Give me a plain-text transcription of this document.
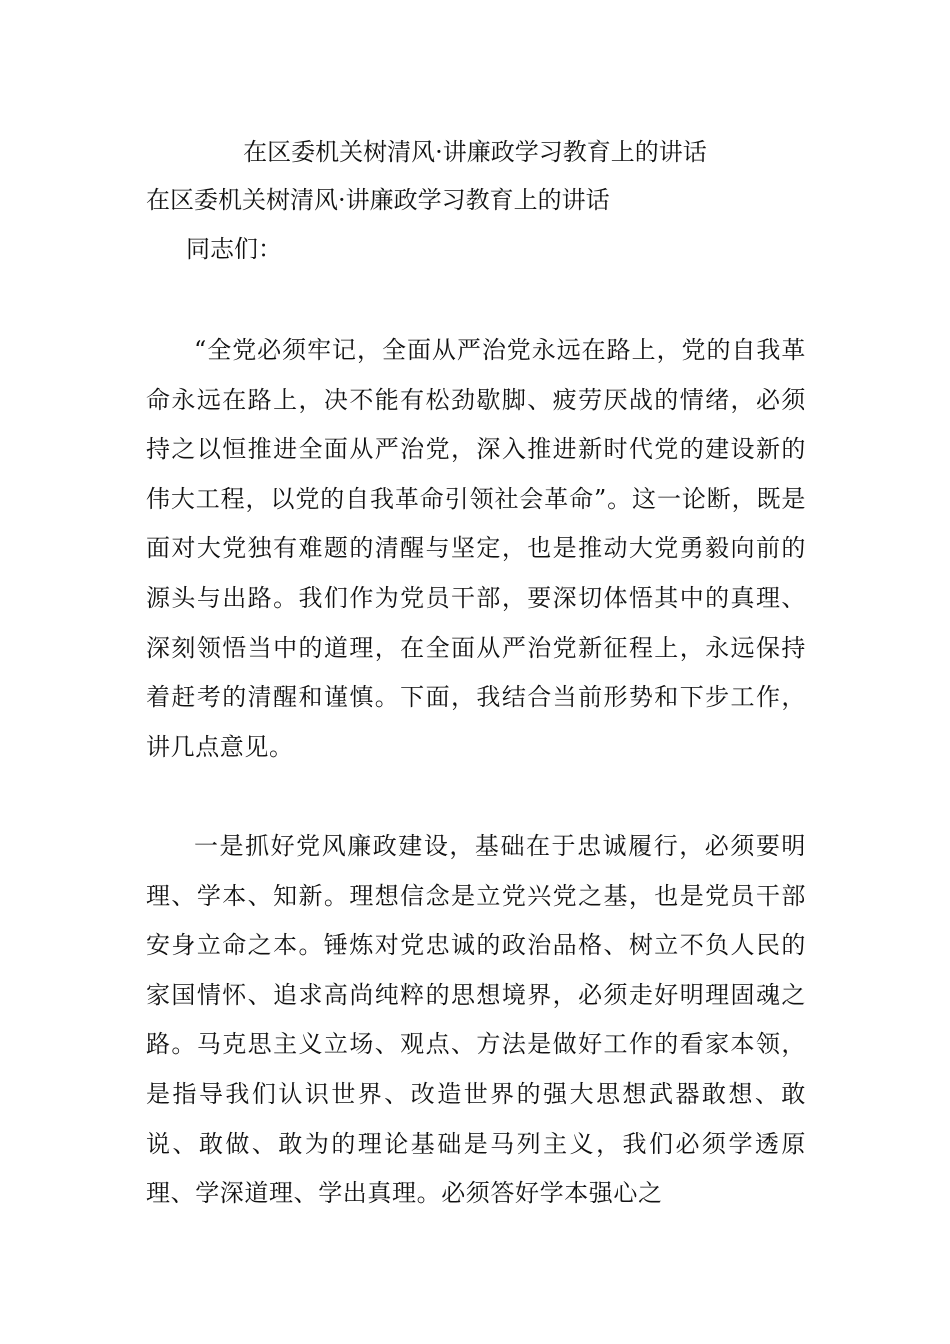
在区委机关树清风·讲廉政学习教育上的讲话
在区委机关树清风·讲廉政学习教育上的讲话
同志们：

“全党必须牢记，全面从严治党永远在路上，党的自我革命永远在路上，决不能有松劲歇脚、疲劳厌战的情绪，必须持之以恒推进全面从严治党，深入推进新时代党的建设新的伟大工程，以党的自我革命引领社会革命”。这一论断，既是面对大党独有难题的清醒与坚定，也是推动大党勇毅向前的源头与出路。我们作为党员干部，要深切体悟其中的真理、深刻领悟当中的道理，在全面从严治党新征程上，永远保持着赶考的清醒和谨慎。下面，我结合当前形势和下步工作，讲几点意见。

一是抓好党风廉政建设，基础在于忠诚履行，必须要明理、学本、知新。理想信念是立党兴党之基，也是党员干部安身立命之本。锤炼对党忠诚的政治品格、树立不负人民的家国情怀、追求高尚纯粹的思想境界，必须走好明理固魂之路。马克思主义立场、观点、方法是做好工作的看家本领，是指导我们认识世界、改造世界的强大思想武器敢想、敢说、敢做、敢为的理论基础是马列主义，我们必须学透原理、学深道理、学出真理。必须答好学本强心之
